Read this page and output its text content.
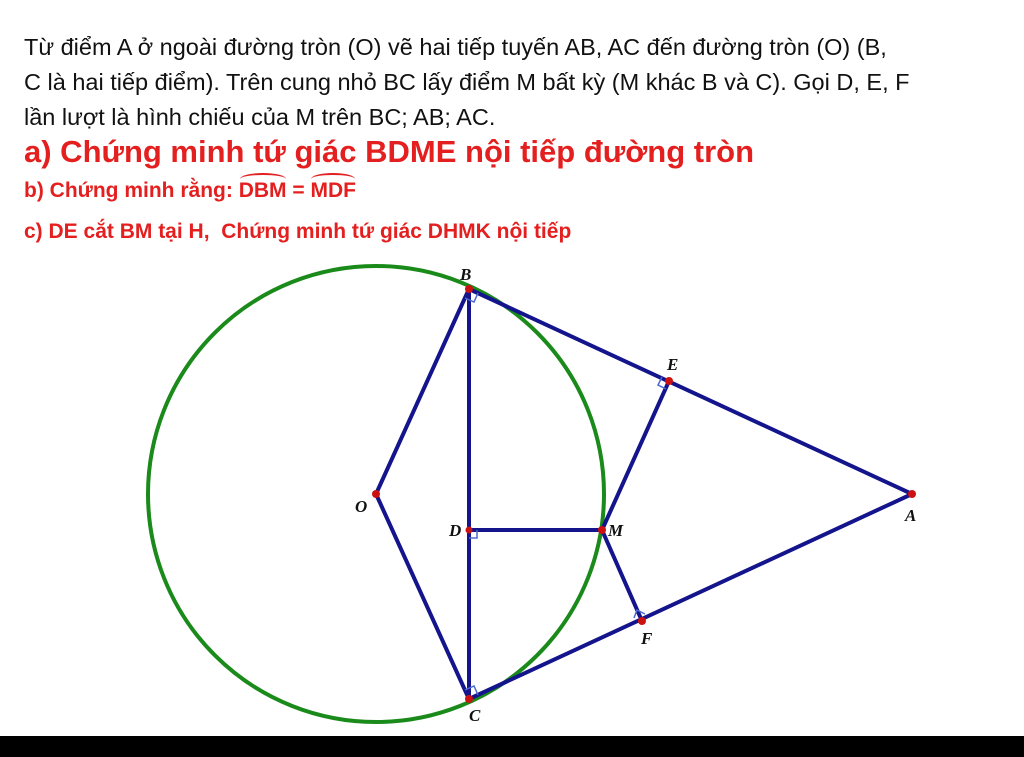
Từ điểm A ở ngoài đường tròn (O) vẽ hai tiếp tuyến AB, AC đến đường tròn (O) (B,
C là hai tiếp điểm). Trên cung nhỏ BC lấy điểm M bất kỳ (M khác B và C). Gọi D, E, F
lần lượt là hình chiếu của M trên BC; AB; AC.
a) Chứng minh tứ giác BDME nội tiếp đường tròn
b) Chứng minh rằng: DBM = MDF
c) DE cắt BM tại H, Chứng minh tứ giác DHMK nội tiếp
B
E
O	A
D	M
F
C
